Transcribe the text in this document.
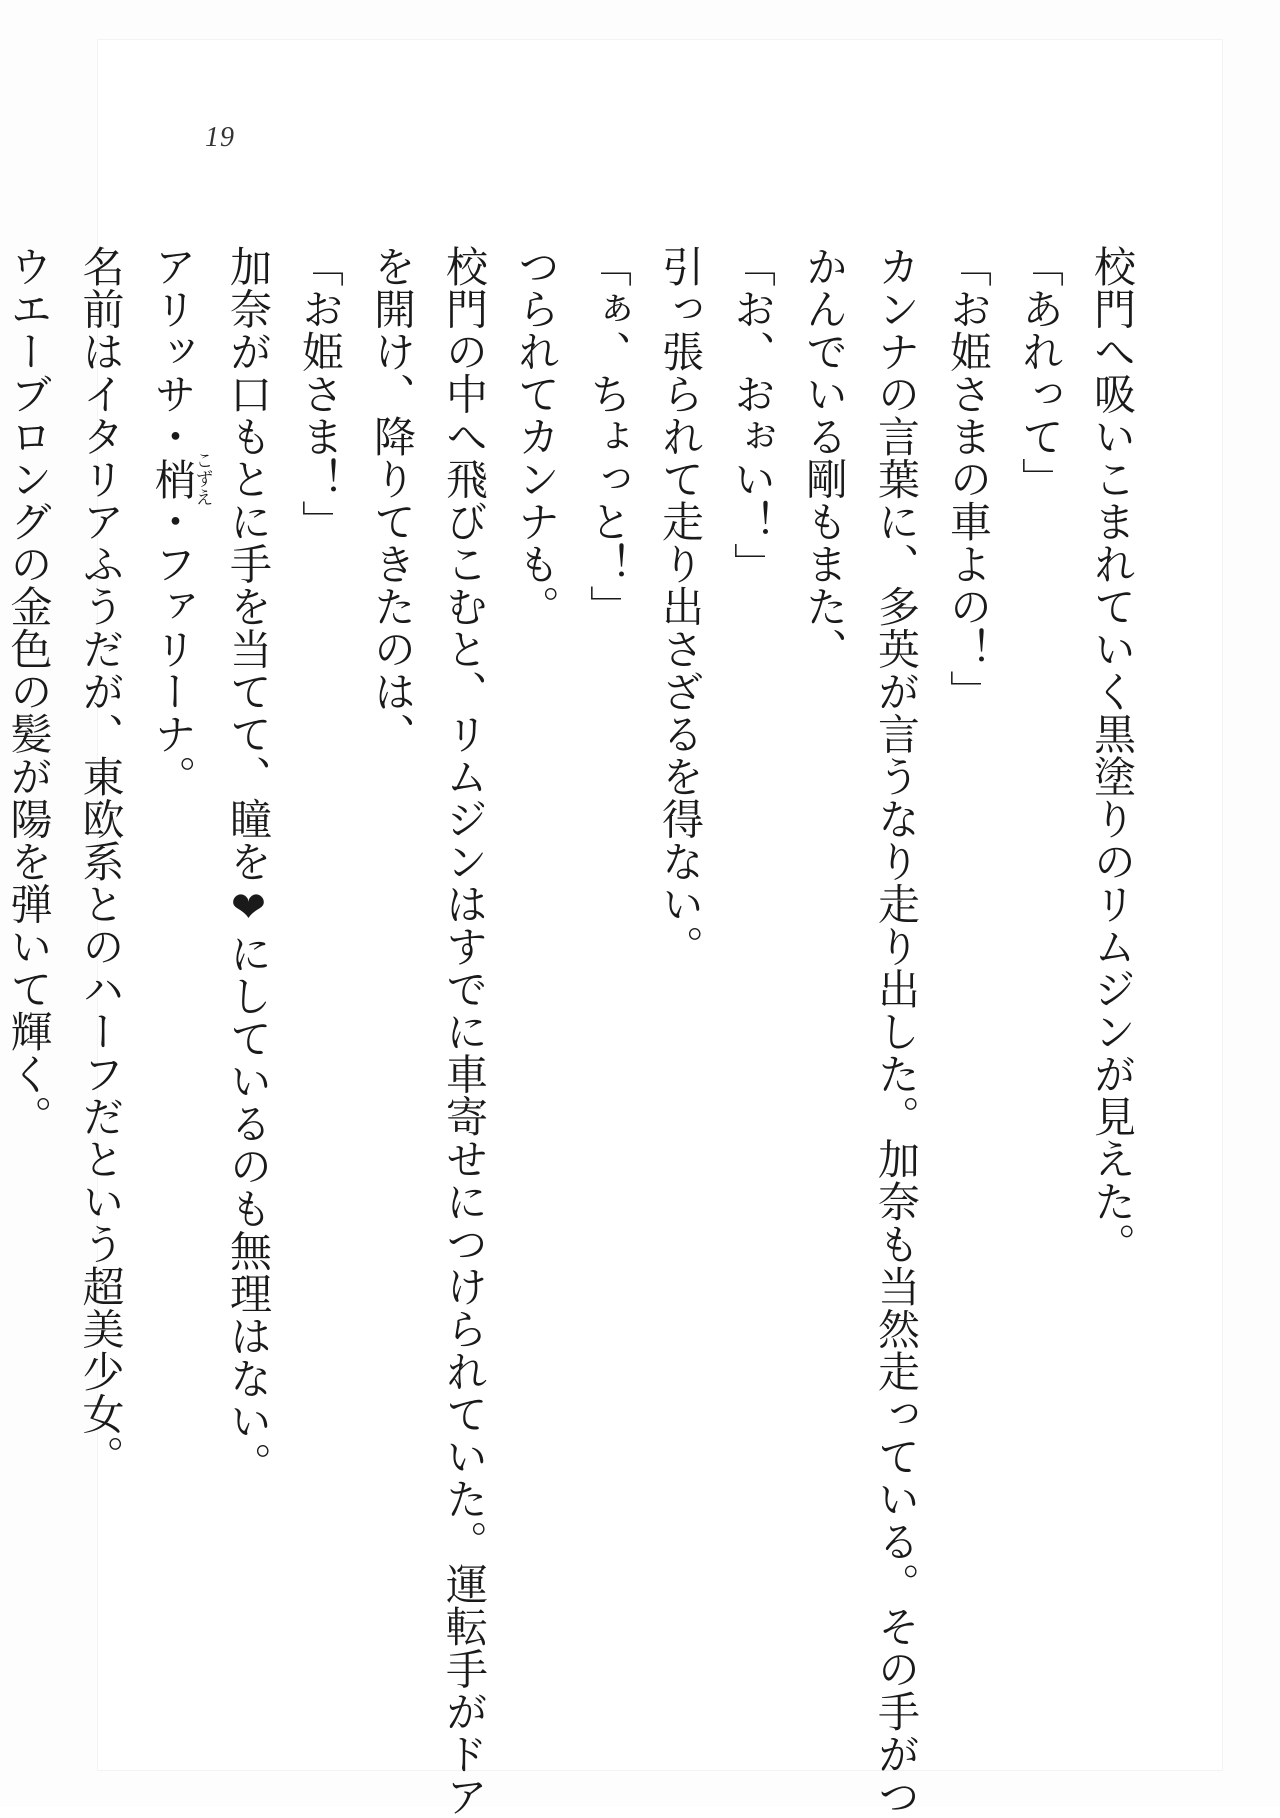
19
校門へ吸いこまれていく黒塗りのリムジンが見えた。
「あれって」
「お姫さまの車よの！」
カンナの言葉に、多英が言うなり走り出した。加奈も当然走っている。その手がつ
かんでいる剛もまた、
「お、おぉい！」
引っ張られて走り出さざるを得ない。
「ぁ、ちょっと！」
つられてカンナも。
校門の中へ飛びこむと、リムジンはすでに車寄せにつけられていた。運転手がドア
を開け、降りてきたのは、
「お姫さま！」
加奈が口もとに手を当てて、瞳を❤にしているのも無理はない。
アリッサ・梢こずえ・ファリーナ。
名前はイタリアふうだが、東欧系とのハーフだという超美少女。
ウエーブロングの金色の髪が陽を弾いて輝く。
